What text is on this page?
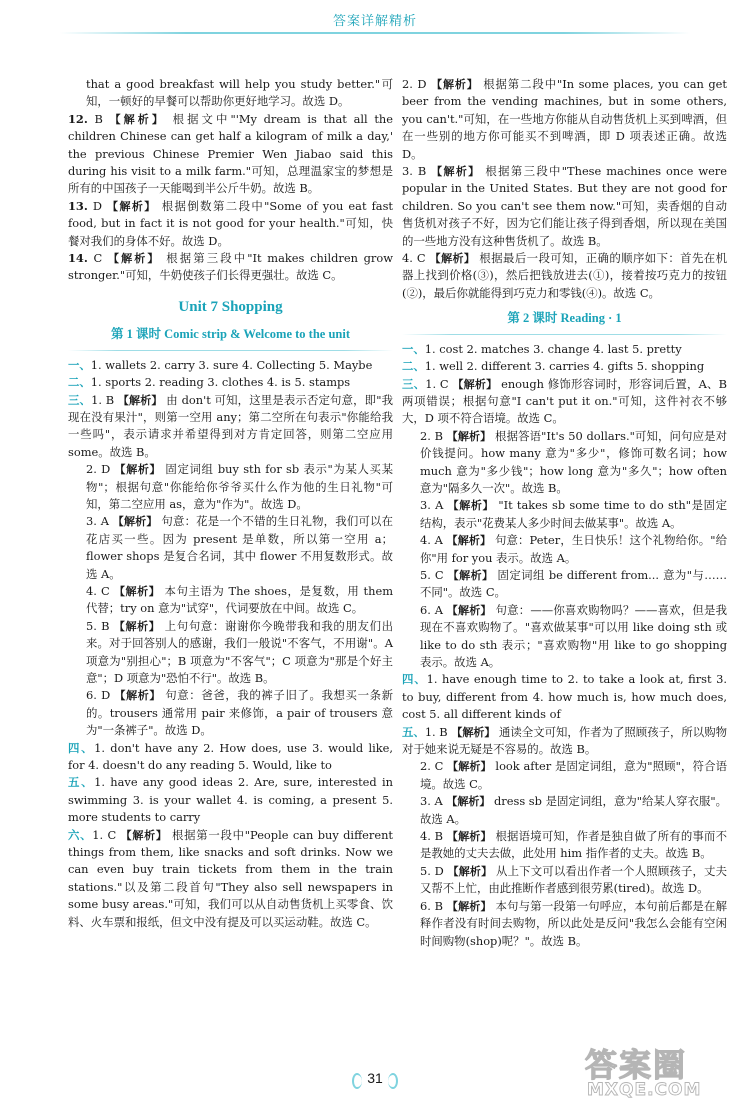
答案详解精析

that a good breakfast will help you study better."可知，一顿好的早餐可以帮助你更好地学习。故选 D。

12. B 【解析】 根据文中"'My dream is that all the children Chinese can get half a kilogram of milk a day,' the previous Chinese Premier Wen Jiabao said this during his visit to a milk farm."可知，总理温家宝的梦想是所有的中国孩子一天能喝到半公斤牛奶。故选 B。

13. D 【解析】 根据倒数第二段中"Some of you eat fast food, but in fact it is not good for your health."可知，快餐对我们的身体不好。故选 D。

14. C 【解析】 根据第三段中"It makes children grow stronger."可知，牛奶使孩子们长得更强壮。故选 C。

Unit 7 Shopping
第 1 课时 Comic strip & Welcome to the unit

一、1. wallets 2. carry 3. sure 4. Collecting 5. Maybe

二、1. sports 2. reading 3. clothes 4. is 5. stamps

三、1. B 【解析】 由 don't 可知，这里是表示否定句意，即"我现在没有果汁"，则第一空用 any；第二空所在句表示"你能给我一些吗"，表示请求并希望得到对方肯定回答，则第二空应用 some。故选 B。

2. D 【解析】 固定词组 buy sth for sb 表示"为某人买某物"；根据句意"你能给你爷爷买什么作为他的生日礼物"可知，第二空应用 as，意为"作为"。故选 D。

3. A 【解析】 句意：花是一个不错的生日礼物，我们可以在花店买一些。因为 present 是单数，所以第一空用 a；flower shops 是复合名词，其中 flower 不用复数形式。故选 A。

4. C 【解析】 本句主语为 The shoes，是复数，用 them 代替；try on 意为"试穿"，代词要放在中间。故选 C。

5. B 【解析】 上句句意：谢谢你今晚带我和我的朋友们出来。对于回答别人的感谢，我们一般说"不客气，不用谢"。A 项意为"别担心"；B 项意为"不客气"；C 项意为"那是个好主意"；D 项意为"恐怕不行"。故选 B。

6. D 【解析】 句意：爸爸，我的裤子旧了。我想买一条新的。trousers 通常用 pair 来修饰，a pair of trousers 意为"一条裤子"。故选 D。

四、1. don't have any 2. How does, use 3. would like, for 4. doesn't do any reading 5. Would, like to

五、1. have any good ideas 2. Are, sure, interested in swimming 3. is your wallet 4. is coming, a present 5. more students to carry

六、1. C 【解析】 根据第一段中"People can buy different things from them, like snacks and soft drinks. Now we can even buy train tickets from them in the train stations."以及第二段首句"They also sell newspapers in some busy areas."可知，我们可以从自动售货机上买零食、饮料、火车票和报纸，但文中没有提及可以买运动鞋。故选 C。

2. D 【解析】 根据第二段中"In some places, you can get beer from the vending machines, but in some others, you can't."可知，在一些地方你能从自动售货机上买到啤酒，但在一些别的地方你可能买不到啤酒，即 D 项表述正确。故选 D。

3. B 【解析】 根据第三段中"These machines once were popular in the United States. But they are not good for children. So you can't see them now."可知，卖香烟的自动售货机对孩子不好，因为它们能让孩子得到香烟，所以现在美国的一些地方没有这种售货机了。故选 B。

4. C 【解析】 根据最后一段可知，正确的顺序如下：首先在机器上找到价格(③)，然后把钱放进去(①)，接着按巧克力的按钮(②)，最后你就能得到巧克力和零钱(④)。故选 C。

第 2 课时 Reading · 1

一、1. cost 2. matches 3. change 4. last 5. pretty

二、1. well 2. different 3. carries 4. gifts 5. shopping

三、1. C 【解析】 enough 修饰形容词时，形容词后置，A、B 两项错误；根据句意"I can't put it on."可知，这件衬衣不够大，D 项不符合语境。故选 C。

2. B 【解析】 根据答语"It's 50 dollars."可知，问句应是对价钱提问。how many 意为"多少"，修饰可数名词；how much 意为"多少钱"；how long 意为"多久"；how often 意为"隔多久一次"。故选 B。

3. A 【解析】 "It takes sb some time to do sth"是固定结构，表示"花费某人多少时间去做某事"。故选 A。

4. A 【解析】 句意：Peter，生日快乐！这个礼物给你。"给你"用 for you 表示。故选 A。

5. C 【解析】 固定词组 be different from... 意为"与……不同"。故选 C。

6. A 【解析】 句意：——你喜欢购物吗？——喜欢，但是我现在不喜欢购物了。"喜欢做某事"可以用 like doing sth 或 like to do sth 表示；"喜欢购物"用 like to go shopping 表示。故选 A。

四、1. have enough time to 2. to take a look at, first 3. to buy, different from 4. how much is, how much does, cost 5. all different kinds of

五、1. B 【解析】 通读全文可知，作者为了照顾孩子，所以购物对于她来说无疑是不容易的。故选 B。

2. C 【解析】 look after 是固定词组，意为"照顾"，符合语境。故选 C。

3. A 【解析】 dress sb 是固定词组，意为"给某人穿衣服"。故选 A。

4. B 【解析】 根据语境可知，作者是独自做了所有的事而不是教她的丈夫去做，此处用 him 指作者的丈夫。故选 B。

5. D 【解析】 从上下文可以看出作者一个人照顾孩子，丈夫又帮不上忙，由此推断作者感到很劳累(tired)。故选 D。

6. B 【解析】 本句与第一段第一句呼应，本句前后都是在解释作者没有时间去购物，所以此处是反问"我怎么会能有空闲时间购物(shop)呢？"。故选 B。

31	答案圈
MXQE.COM
